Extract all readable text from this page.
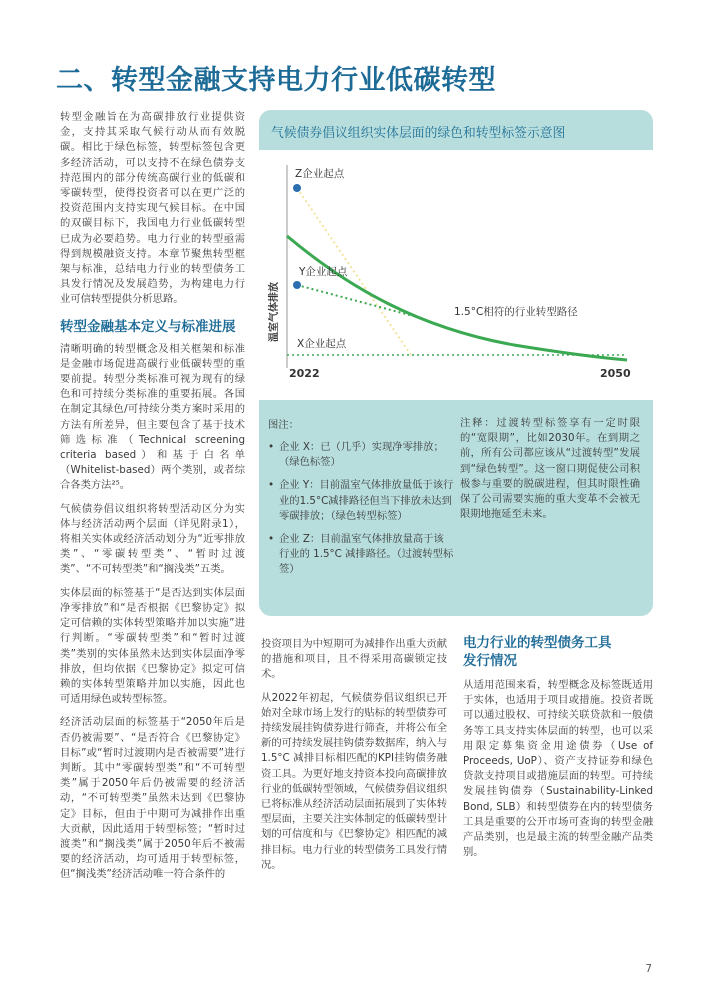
二、转型金融支持电力行业低碳转型

转型金融旨在为高碳排放行业提供资金，支持其采取气候行动从而有效脱碳。相比于绿色标签，转型标签包含更多经济活动，可以支持不在绿色债券支持范围内的部分传统高碳行业的低碳和零碳转型，使得投资者可以在更广泛的投资范围内支持实现气候目标。在中国的双碳目标下，我国电力行业低碳转型已成为必要趋势。电力行业的转型亟需得到规模融资支持。本章节聚焦转型框架与标准，总结电力行业的转型债务工具发行情况及发展趋势，为构建电力行业可信转型提供分析思路。

转型金融基本定义与标准进展

清晰明确的转型概念及相关框架和标准是金融市场促进高碳行业低碳转型的重要前提。转型分类标准可视为现有的绿色和可持续分类标准的重要拓展。各国在制定其绿色/可持续分类方案时采用的方法有所差异，但主要包含了基于技术筛选标准（Technical screening criteria based）和基于白名单（Whitelist-based）两个类别，或者综合各类方法²⁵。

气候债券倡议组织将转型活动区分为实体与经济活动两个层面（详见附录1），将相关实体或经济活动划分为“近零排放类”、“零碳转型类”、“暂时过渡类”、“不可转型类”和“搁浅类”五类。

实体层面的标签基于“是否达到实体层面净零排放”和“是否根据《巴黎协定》拟定可信赖的实体转型策略并加以实施”进行判断。“零碳转型类”和“暂时过渡类”类别的实体虽然未达到实体层面净零排放，但均依据《巴黎协定》拟定可信赖的实体转型策略并加以实施，因此也可适用绿色或转型标签。

经济活动层面的标签基于“2050年后是否仍被需要”、“是否符合《巴黎协定》目标”或“暂时过渡期内是否被需要”进行判断。其中“零碳转型类”和“不可转型类”属于2050年后仍被需要的经济活动，“不可转型类”虽然未达到《巴黎协定》目标，但由于中期可为减排作出重大贡献，因此适用于转型标签；“暂时过渡类”和“搁浅类”属于2050年后不被需要的经济活动，均可适用于转型标签，但“搁浅类”经济活动唯一符合条件的

气候债券倡议组织实体层面的绿色和转型标签示意图
Z企业起点
Y企业起点
X企业起点
1.5°C相符的行业转型路径
温室气体排放
2022	2050
图注：
• 企业 X：已（几乎）实现净零排放；（绿色标签）
• 企业 Y：目前温室气体排放量低于该行业的1.5°C减排路径但当下排放未达到零碳排放；（绿色转型标签）
• 企业 Z：目前温室气体排放量高于该行业的 1.5°C 减排路径。（过渡转型标签）
注释：过渡转型标签享有一定时限的“宽限期”，比如2030年。在到期之前，所有公司都应该从“过渡转型”发展到“绿色转型”。这一窗口期促使公司积极参与重要的脱碳进程，但其时限性确保了公司需要实施的重大变革不会被无限期地拖延至未来。

投资项目为中短期可为减排作出重大贡献的措施和项目，且不得采用高碳锁定技术。

从2022年初起，气候债券倡议组织已开始对全球市场上发行的贴标的转型债券可持续发展挂钩债券进行筛查，并将公布全新的可持续发展挂钩债券数据库，纳入与 1.5°C 减排目标相匹配的KPI挂钩债务融资工具。为更好地支持资本投向高碳排放行业的低碳转型领域，气候债券倡议组织已将标准从经济活动层面拓展到了实体转型层面，主要关注实体制定的低碳转型计划的可信度和与《巴黎协定》相匹配的减排目标。电力行业的转型债务工具发行情况。

电力行业的转型债务工具发行情况

从适用范围来看，转型概念及标签既适用于实体，也适用于项目或措施。投资者既可以通过股权、可持续关联贷款和一般债务等工具支持实体层面的转型，也可以采用限定募集资金用途债券（Use of Proceeds, UoP）、资产支持证券和绿色贷款支持项目或措施层面的转型。可持续发展挂钩债券（Sustainability-Linked Bond, SLB）和转型债券在内的转型债务工具是重要的公开市场可查询的转型金融产品类别，也是最主流的转型金融产品类别。

7
